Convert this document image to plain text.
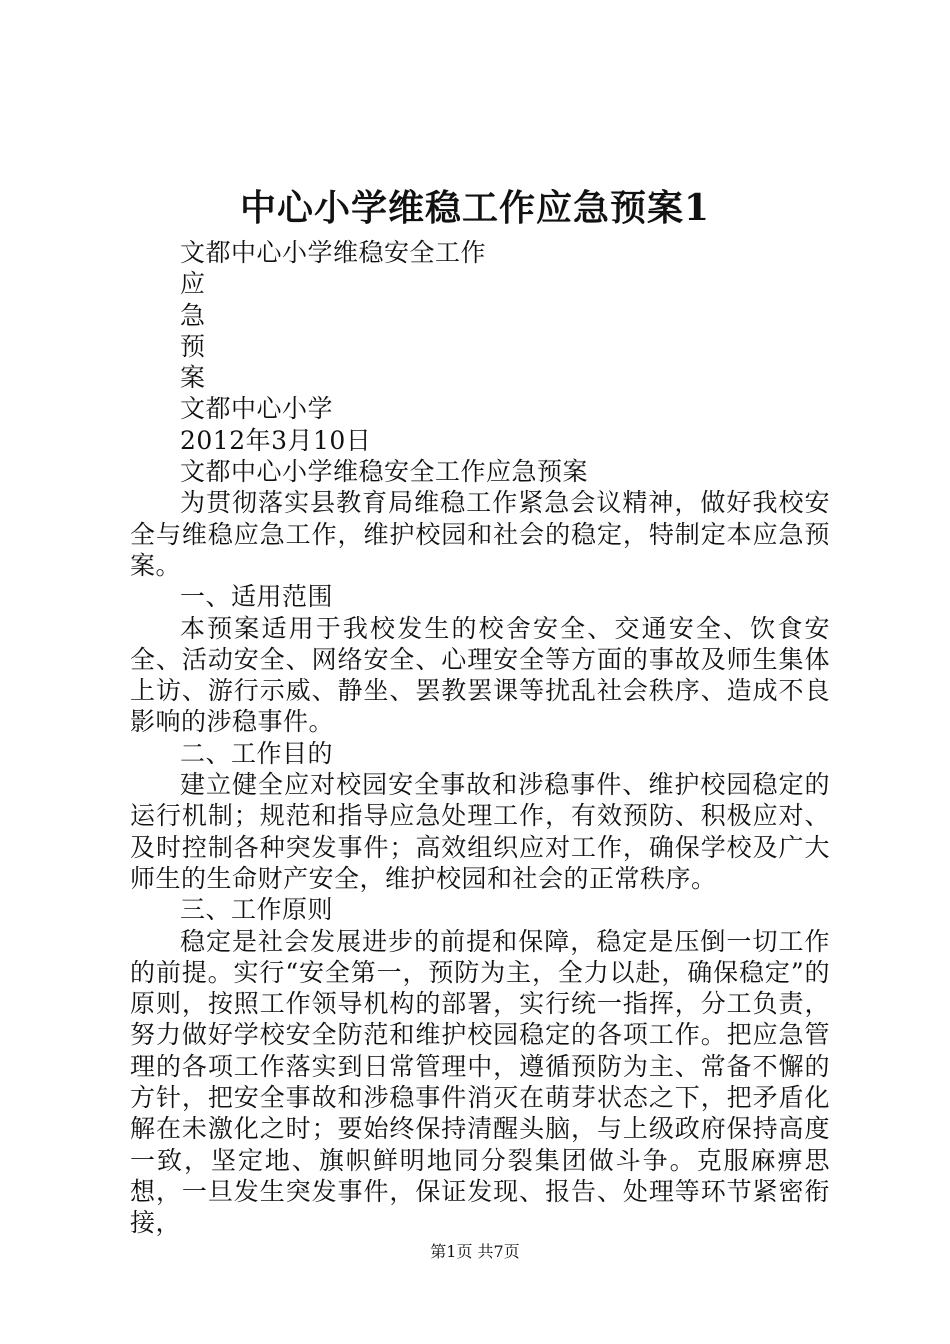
中心小学维稳工作应急预案1

文都中心小学维稳安全工作

应

急

预

案

文都中心小学

2012年3月10日

文都中心小学维稳安全工作应急预案

为贯彻落实县教育局维稳工作紧急会议精神，做好我校安全与维稳应急工作，维护校园和社会的稳定，特制定本应急预案。

一、适用范围

本预案适用于我校发生的校舍安全、交通安全、饮食安全、活动安全、网络安全、心理安全等方面的事故及师生集体上访、游行示威、静坐、罢教罢课等扰乱社会秩序、造成不良影响的涉稳事件。

二、工作目的

建立健全应对校园安全事故和涉稳事件、维护校园稳定的运行机制；规范和指导应急处理工作，有效预防、积极应对、及时控制各种突发事件；高效组织应对工作，确保学校及广大师生的生命财产安全，维护校园和社会的正常秩序。

三、工作原则

稳定是社会发展进步的前提和保障，稳定是压倒一切工作的前提。实行“安全第一，预防为主，全力以赴，确保稳定”的原则，按照工作领导机构的部署，实行统一指挥，分工负责，努力做好学校安全防范和维护校园稳定的各项工作。把应急管理的各项工作落实到日常管理中，遵循预防为主、常备不懈的方针，把安全事故和涉稳事件消灭在萌芽状态之下，把矛盾化解在未激化之时；要始终保持清醒头脑，与上级政府保持高度一致，坚定地、旗帜鲜明地同分裂集团做斗争。克服麻痹思想，一旦发生突发事件，保证发现、报告、处理等环节紧密衔接，

第1页 共7页
